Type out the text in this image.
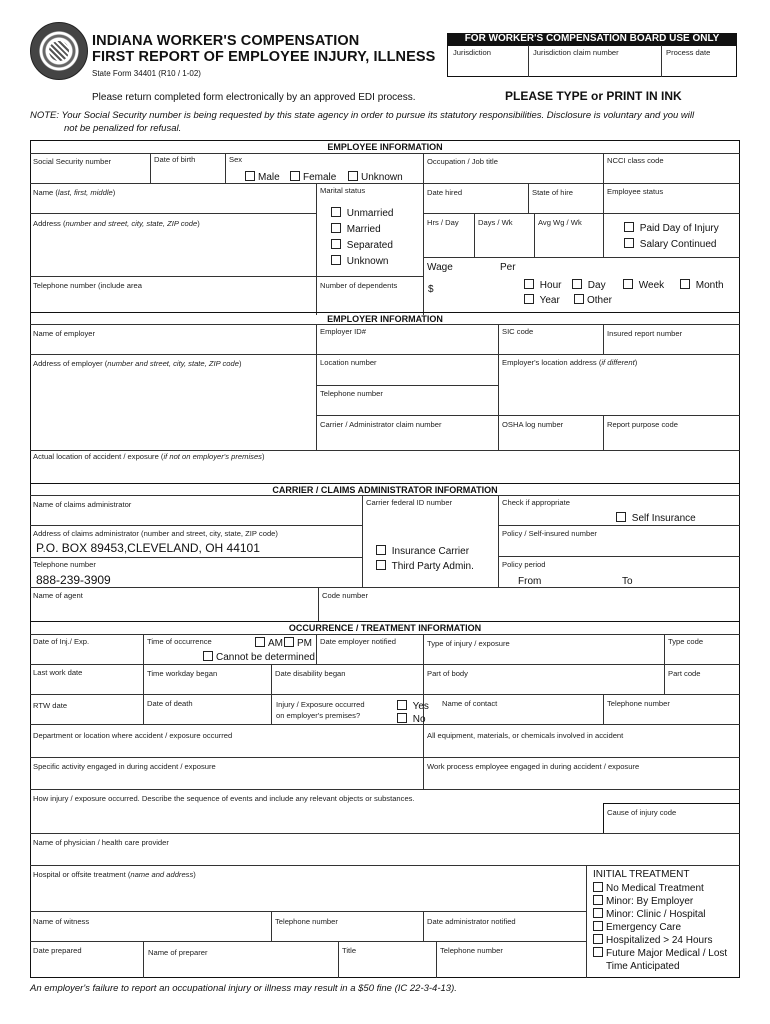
INDIANA WORKER'S COMPENSATION
FIRST REPORT OF EMPLOYEE INJURY, ILLNESS
State Form 34401 (R10 / 1-02)
FOR WORKER'S COMPENSATION BOARD USE ONLY
Jurisdiction	Jurisdiction claim number	Process date
Please return completed form electronically by an approved EDI process.	PLEASE TYPE or PRINT IN INK
NOTE: Your Social Security number is being requested by this state agency in order to pursue its statutory responsibilities. Disclosure is voluntary and you will
not be penalized for refusal.
EMPLOYEE INFORMATION
Social Security number	Date of birth	Sex
Male	Female	Unknown
Occupation / Job title	NCCI class code
Name (last, first, middle)	Marital status	Date hired	State of hire	Employee status
Unmarried
Married
Separated
Unknown
Address (number and street, city, state, ZIP code)	Hrs / Day	Days / Wk	Avg Wg / Wk
Paid Day of Injury
Salary Continued
Wage	Per
$	Hour	Day	Week	Month
Year	Other
Telephone number (include area	Number of dependents
EMPLOYER INFORMATION
Name of employer	Employer ID#	SIC code	Insured report number
Address of employer (number and street, city, state, ZIP code)	Location number	Employer's location address (if different)
Telephone number
Carrier / Administrator claim number	OSHA log number	Report purpose code
Actual location of accident / exposure (if not on employer's premises)
CARRIER / CLAIMS ADMINISTRATOR INFORMATION
Name of claims administrator	Carrier federal ID number	Check if appropriate
Self Insurance
Address of claims administrator (number and street, city, state, ZIP code)
P.O. BOX 89453,CLEVELAND, OH 44101
Policy / Self-insured number
Insurance Carrier
Third Party Admin.
Telephone number
888-239-3909
Policy period
From	To
Name of agent	Code number
OCCURRENCE / TREATMENT INFORMATION
Date of Inj./ Exp.	Time of occurrence	AM	PM
Cannot be determined
Date employer notified	Type of injury / exposure	Type code
Last work date	Time workday began	Date disability began	Part of body	Part code
RTW date	Date of death	Injury / Exposure occurred
on employer's premises?
Yes
No
Name of contact	Telephone number
Department or location where accident / exposure occurred	All equipment, materials, or chemicals involved in accident
Specific activity engaged in during accident / exposure	Work process employee engaged in during accident / exposure
How injury / exposure occurred. Describe the sequence of events and include any relevant objects or substances.
Cause of injury code
Name of physician / health care provider
Hospital or offsite treatment (name and address)	INITIAL TREATMENT
No Medical Treatment
Minor: By Employer
Minor: Clinic / Hospital
Emergency Care
Hospitalized > 24 Hours
Future Major Medical / Lost
Time Anticipated
Name of witness	Telephone number	Date administrator notified
Date prepared	Name of preparer	Title	Telephone number
An employer's failure to report an occupational injury or illness may result in a $50 fine (IC 22-3-4-13).
